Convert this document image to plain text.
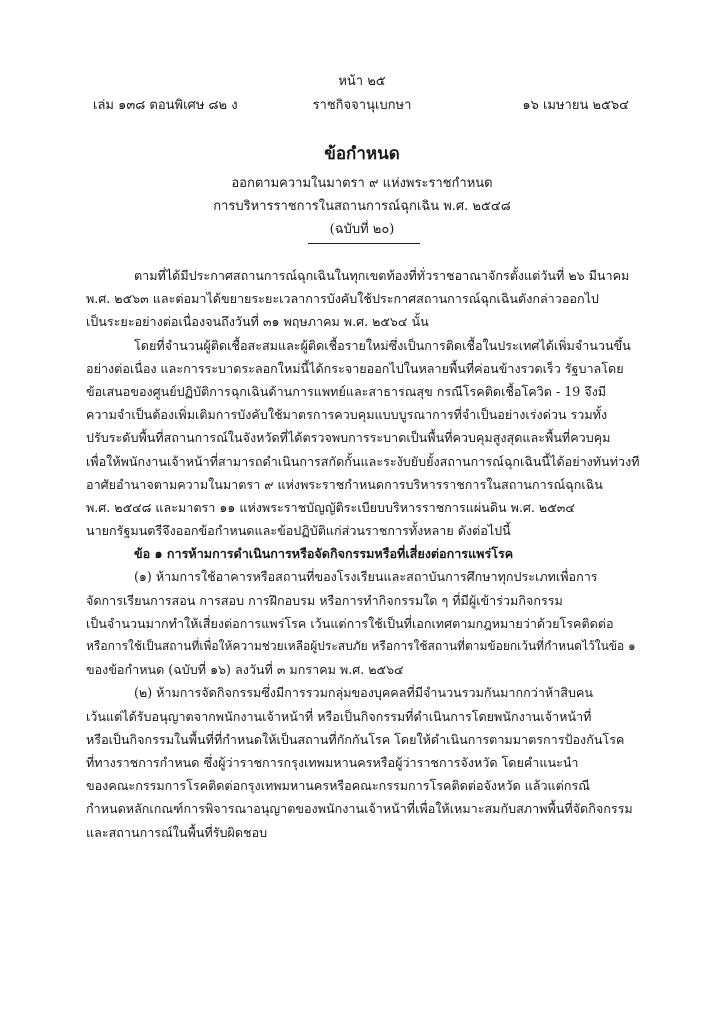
หน้า ๒๕
เล่ม ๑๓๘ ตอนพิเศษ ๘๒ ง	ราชกิจจานุเบกษา	๑๖ เมษายน ๒๕๖๔
ข้อกำหนด
ออกตามความในมาตรา ๙ แห่งพระราชกำหนด
การบริหารราชการในสถานการณ์ฉุกเฉิน พ.ศ. ๒๕๔๘
(ฉบับที่ ๒๐)
ตามที่ได้มีประกาศสถานการณ์ฉุกเฉินในทุกเขตท้องที่ทั่วราชอาณาจักรตั้งแต่วันที่ ๒๖ มีนาคม
พ.ศ. ๒๕๖๓ และต่อมาได้ขยายระยะเวลาการบังคับใช้ประกาศสถานการณ์ฉุกเฉินดังกล่าวออกไป
เป็นระยะอย่างต่อเนื่องจนถึงวันที่ ๓๑ พฤษภาคม พ.ศ. ๒๕๖๔ นั้น
โดยที่จำนวนผู้ติดเชื้อสะสมและผู้ติดเชื้อรายใหม่ซึ่งเป็นการติดเชื้อในประเทศได้เพิ่มจำนวนขึ้น
อย่างต่อเนื่อง และการระบาดระลอกใหม่นี้ได้กระจายออกไปในหลายพื้นที่ค่อนข้างรวดเร็ว รัฐบาลโดย
ข้อเสนอของศูนย์ปฏิบัติการฉุกเฉินด้านการแพทย์และสาธารณสุข กรณีโรคติดเชื้อโควิด - 19 จึงมี
ความจำเป็นต้องเพิ่มเติมการบังคับใช้มาตรการควบคุมแบบบูรณาการที่จำเป็นอย่างเร่งด่วน รวมทั้ง
ปรับระดับพื้นที่สถานการณ์ในจังหวัดที่ได้ตรวจพบการระบาดเป็นพื้นที่ควบคุมสูงสุดและพื้นที่ควบคุม
เพื่อให้พนักงานเจ้าหน้าที่สามารถดำเนินการสกัดกั้นและระงับยับยั้งสถานการณ์ฉุกเฉินนี้ได้อย่างทันท่วงที
อาศัยอำนาจตามความในมาตรา ๙ แห่งพระราชกำหนดการบริหารราชการในสถานการณ์ฉุกเฉิน
พ.ศ. ๒๕๔๘ และมาตรา ๑๑ แห่งพระราชบัญญัติระเบียบบริหารราชการแผ่นดิน พ.ศ. ๒๕๓๔
นายกรัฐมนตรีจึงออกข้อกำหนดและข้อปฏิบัติแก่ส่วนราชการทั้งหลาย ดังต่อไปนี้
ข้อ ๑ การห้ามการดำเนินการหรือจัดกิจกรรมหรือที่เสี่ยงต่อการแพร่โรค
(๑) ห้ามการใช้อาคารหรือสถานที่ของโรงเรียนและสถาบันการศึกษาทุกประเภทเพื่อการ
จัดการเรียนการสอน การสอบ การฝึกอบรม หรือการทำกิจกรรมใด ๆ ที่มีผู้เข้าร่วมกิจกรรม
เป็นจำนวนมากทำให้เสี่ยงต่อการแพร่โรค เว้นแต่การใช้เป็นที่เอกเทศตามกฎหมายว่าด้วยโรคติดต่อ
หรือการใช้เป็นสถานที่เพื่อให้ความช่วยเหลือผู้ประสบภัย หรือการใช้สถานที่ตามข้อยกเว้นที่กำหนดไว้ในข้อ ๑
ของข้อกำหนด (ฉบับที่ ๑๖) ลงวันที่ ๓ มกราคม พ.ศ. ๒๕๖๔
(๒) ห้ามการจัดกิจกรรมซึ่งมีการรวมกลุ่มของบุคคลที่มีจำนวนรวมกันมากกว่าห้าสิบคน
เว้นแต่ได้รับอนุญาตจากพนักงานเจ้าหน้าที่ หรือเป็นกิจกรรมที่ดำเนินการโดยพนักงานเจ้าหน้าที่
หรือเป็นกิจกรรมในพื้นที่ที่กำหนดให้เป็นสถานที่กักกันโรค โดยให้ดำเนินการตามมาตรการป้องกันโรค
ที่ทางราชการกำหนด ซึ่งผู้ว่าราชการกรุงเทพมหานครหรือผู้ว่าราชการจังหวัด โดยคำแนะนำ
ของคณะกรรมการโรคติดต่อกรุงเทพมหานครหรือคณะกรรมการโรคติดต่อจังหวัด แล้วแต่กรณี
กำหนดหลักเกณฑ์การพิจารณาอนุญาตของพนักงานเจ้าหน้าที่เพื่อให้เหมาะสมกับสภาพพื้นที่จัดกิจกรรม
และสถานการณ์ในพื้นที่รับผิดชอบ
